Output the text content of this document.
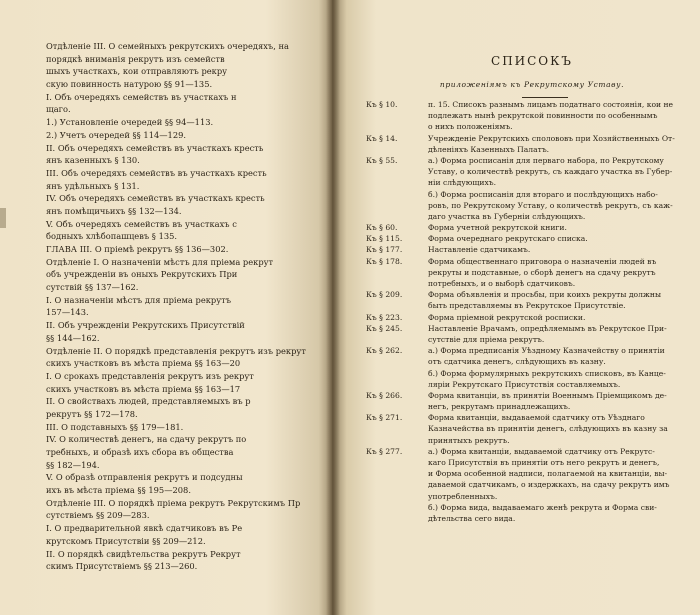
Отдѣленіе III. О семейныхъ рекрутскихъ очередяхъ, на
порядкѣ вниманія рекрутъ изъ семейств
шыхъ участкахъ, кои отправляютъ рекру
скую повинность натурою §§ 91—135.
I. Объ очередяхъ семействъ въ участкахъ н
щаго.
1.) Установленіе очередей §§ 94—113.
2.) Учетъ очередей §§ 114—129.
II. Объ очередяхъ семействъ въ участкахъ кресть
янъ казенныхъ § 130.
III. Объ очередяхъ семействъ въ участкахъ кресть
янъ удѣльныхъ § 131.
IV. Объ очередяхъ семействъ въ участкахъ кресть
янъ помѣщичьихъ §§ 132—134.
V. Объ очередяхъ семействъ въ участкахъ с
бодныхъ хлѣбопашцевъ § 135.
ГЛАВА III. О пріемѣ рекрутъ §§ 136—302.
Отдѣленіе I. О назначеніи мѣстъ для пріема рекрут
объ учрежденіи въ оныхъ Рекрутскихъ При
сутствій §§ 137—162.
I. О назначеніи мѣстъ для пріема рекрутъ
157—143.
II. Объ учрежденіи Рекрутскихъ Присутствій
§§ 144—162.
Отдѣленіе II. О порядкѣ представленія рекрутъ изъ рекрут
скихъ участковъ въ мѣста пріема §§ 163—20
I. О срокахъ представленія рекрутъ изъ рекрут
скихъ участковъ въ мѣста пріема §§ 163—17
II. О свойствахъ людей, представляемыхъ въ р
рекрутъ §§ 172—178.
III. О подставныхъ §§ 179—181.
IV. О количествѣ денегъ, на сдачу рекрутъ по
требныхъ, и образѣ ихъ сбора въ общества
§§ 182—194.
V. О образѣ отправленія рекрутъ и подсудны
ихъ въ мѣста пріема §§ 195—208.
Отдѣленіе III. О порядкѣ пріема рекрутъ Рекрутскимъ Пр
сутствіемъ §§ 209—283.
I. О предварительной явкѣ сдатчиковъ въ Ре
крутскомъ Присутствіи §§ 209—212.
II. О порядкѣ свидѣтельства рекрутъ Рекрут
скимъ Присутствіемъ §§ 213—260.
СПИСОКЪ
приложенiямъ къ Рекрутскому Уставу.
Къ § 10.	п. 15. Списокъ разнымъ лицамъ податнаго состоянія, кои не
подлежатъ нынѣ рекрутской повинности по особеннымъ
о нихъ положеніямъ.
Къ § 14.	Учрежденіе Рекрутскихъ сполововъ при Хозяйственныхъ От-
дѣленіяхъ Казенныхъ Палатъ.
Къ § 55.	а.) Форма росписанія для перваго набора, по Рекрутскому
Уставу, о количествѣ рекрутъ, съ каждаго участка въ Губер-
ніи слѣдующихъ.
б.) Форма росписанія для втораго и послѣдующихъ набо-
ровъ, по Рекрутскому Уставу, о количествѣ рекрутъ, съ каж-
даго участка въ Губерніи слѣдующихъ.
Къ § 60.	Форма учетной рекрутской книги.
Къ § 115.	Форма очереднаго рекрутскаго списка.
Къ § 177.	Наставленіе сдатчикамъ.
Къ § 178.	Форма общественнаго приговора о назначеніи людей въ
рекруты и подставные, о сборѣ денегъ на сдачу рекрутъ
потребныхъ, и о выборѣ сдатчиковъ.
Къ § 209.	Форма объявленія и просьбы, при коихъ рекруты должны
быть представляемы въ Рекрутское Присутствіе.
Къ § 223.	Форма пріемной рекрутской росписки.
Къ § 245.	Наставленіе Врачамъ, опредѣляемымъ въ Рекрутское При-
сутствіе для пріема рекрутъ.
Къ § 262.	а.) Форма предписанія Уѣздному Казначейству о принятіи
отъ сдатчика денегъ, слѣдующихъ въ казну.
б.) Форма формулярныхъ рекрутскихъ списковъ, въ Канце-
ляріи Рекрутскаго Присутствія составляемыхъ.
Къ § 266.	Форма квитанціи, въ принятіи Военнымъ Пріемщикомъ де-
негъ, рекрутамъ принадлежащихъ.
Къ § 271.	Форма квитанціи, выдаваемой сдатчику отъ Уѣзднаго
Казначейства въ принятіи денегъ, слѣдующихъ въ казну за
принятыхъ рекрутъ.
Къ § 277.	а.) Форма квитанціи, выдаваемой сдатчику отъ Рекрутс-
каго Присутствія въ принятіи отъ него рекрутъ и денегъ,
и Форма особенной надписи, полагаемой на квитанціи, вы-
даваемой сдатчикамъ, о издержкахъ, на сдачу рекрутъ имъ
употребленныхъ.
б.) Форма вида, выдаваемаго женѣ рекрута и Форма сви-
дѣтельства сего вида.
